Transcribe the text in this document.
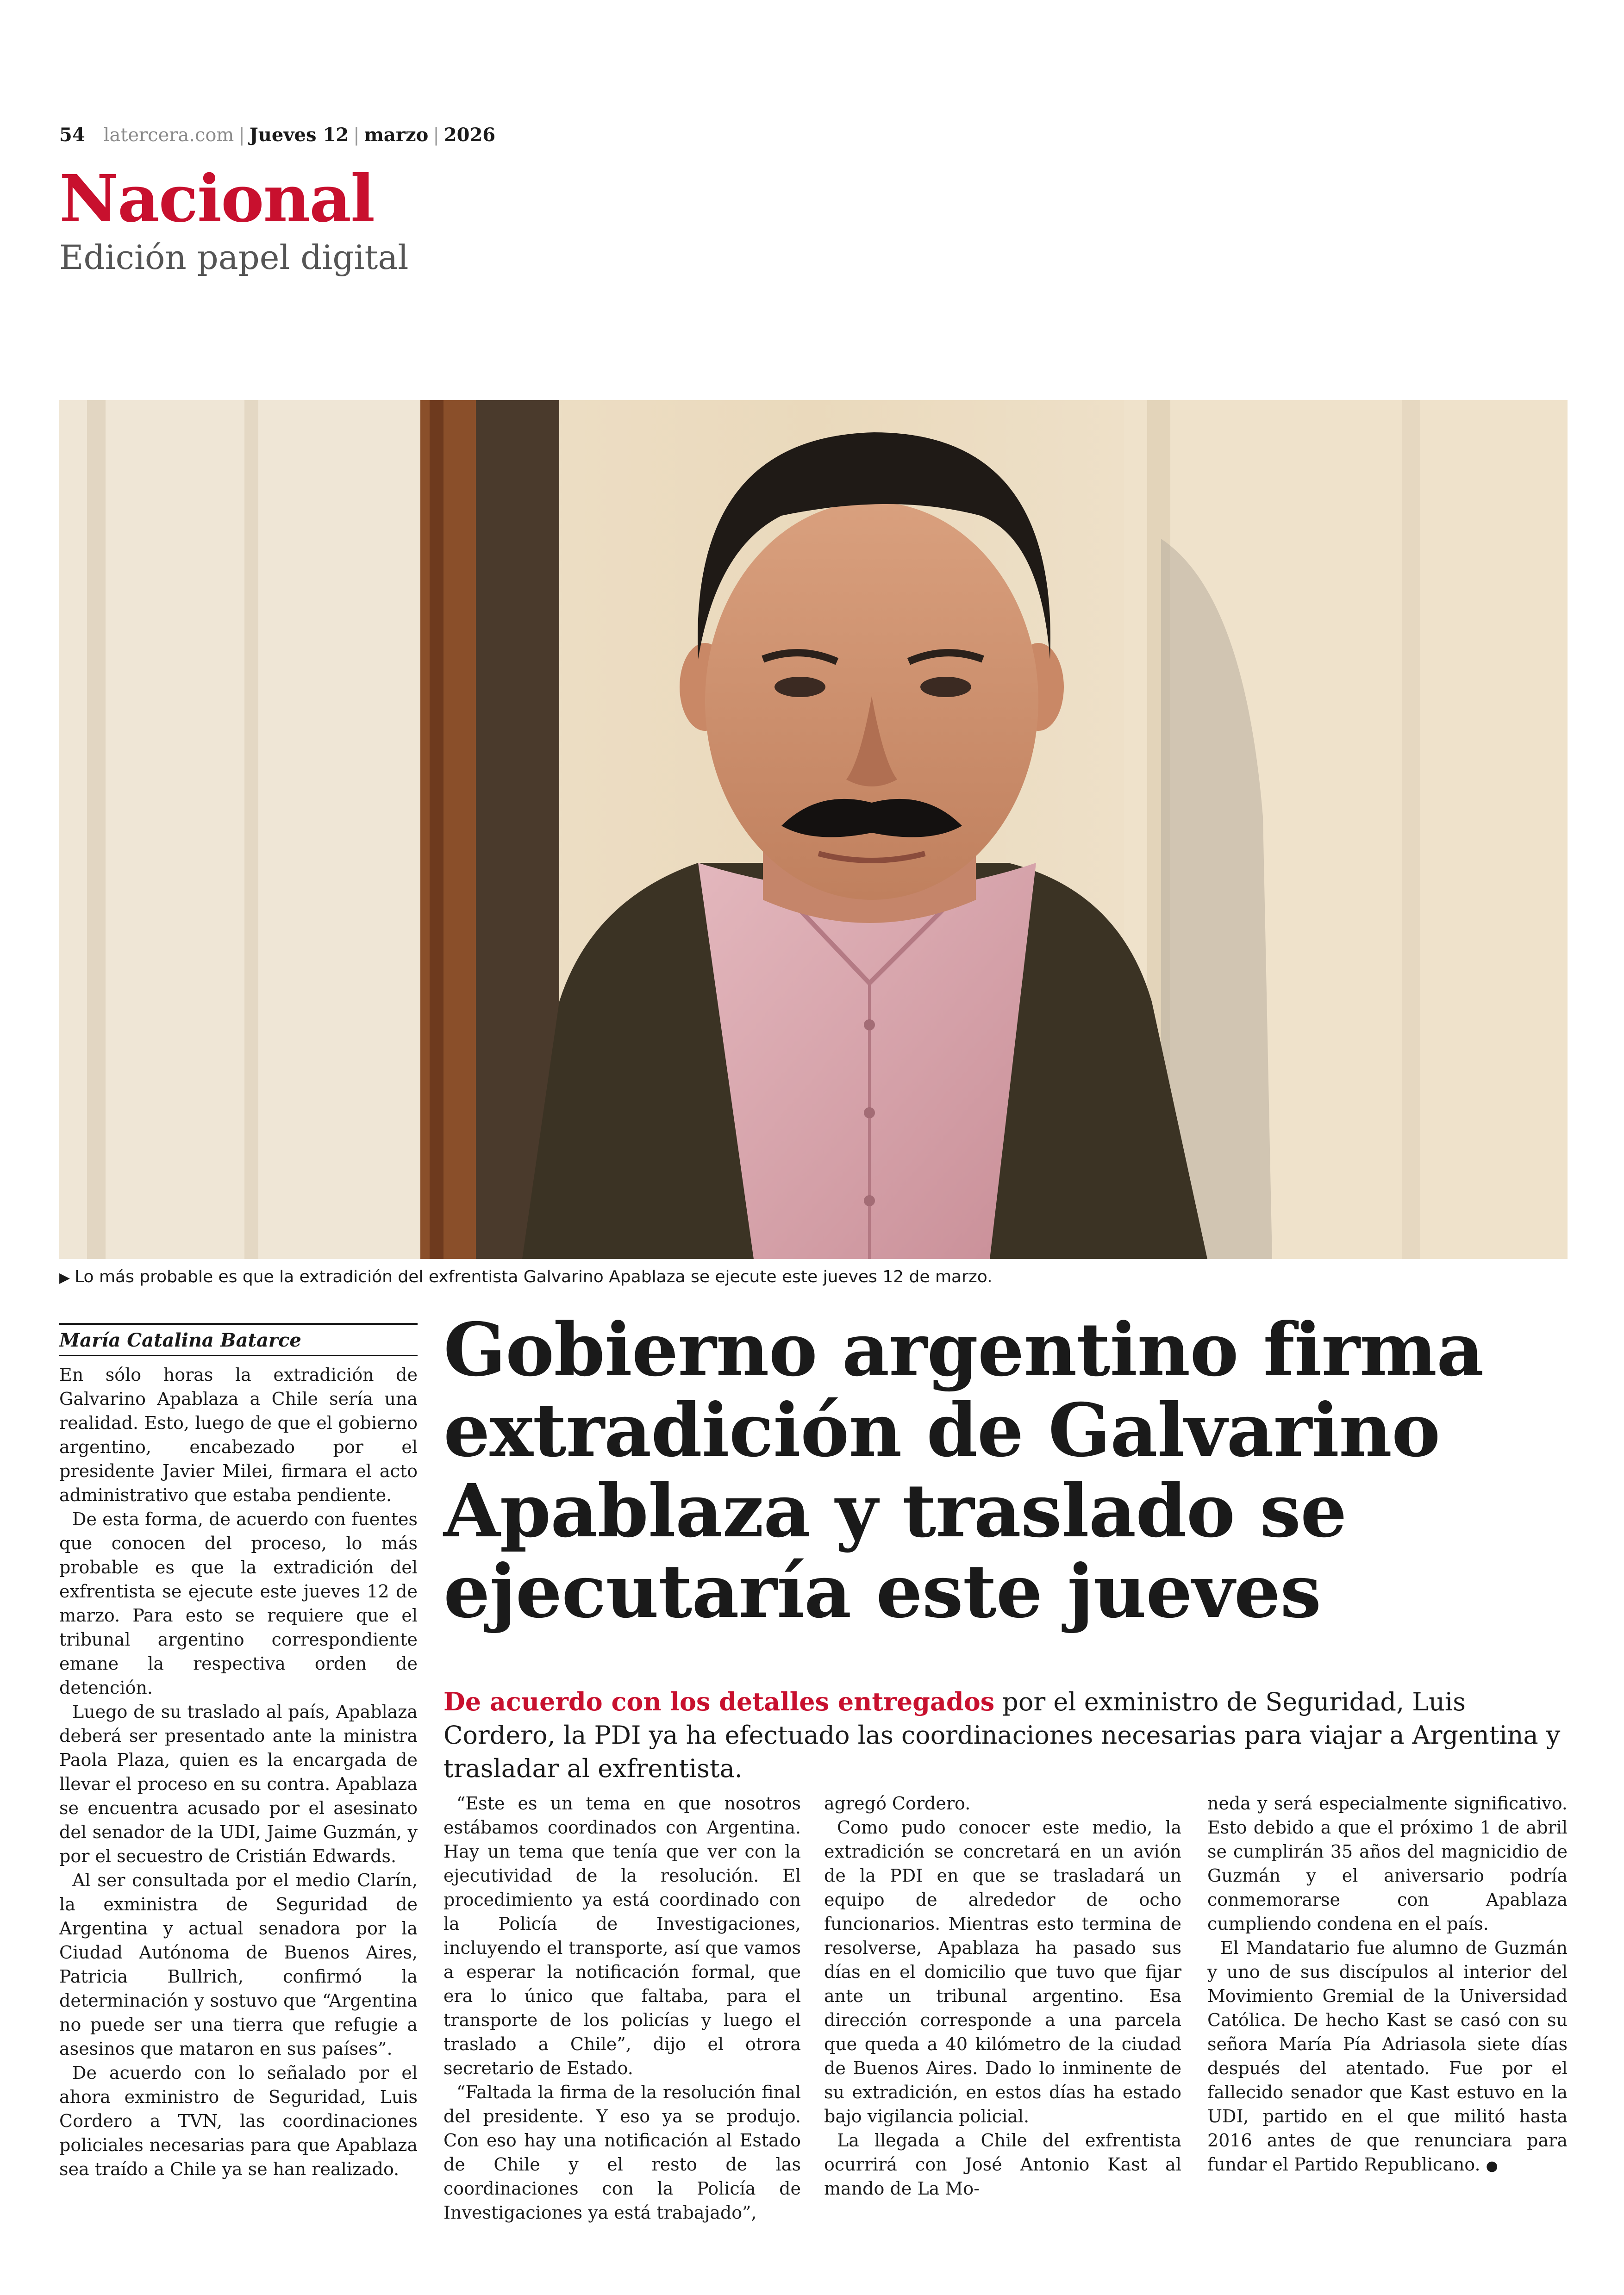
54 latercera.com | Jueves 12 | marzo | 2026
Nacional
Edición papel digital
▶ Lo más probable es que la extradición del exfrentista Galvarino Apablaza se ejecute este jueves 12 de marzo.
María Catalina Batarce

En sólo horas la extradición de Galvarino Apablaza a Chile sería una realidad. Esto, luego de que el gobierno argentino, encabezado por el presidente Javier Milei, firmara el acto administrativo que estaba pendiente.

De esta forma, de acuerdo con fuentes que conocen del proceso, lo más probable es que la extradición del exfrentista se ejecute este jueves 12 de marzo. Para esto se requiere que el tribunal argentino correspondiente emane la respectiva orden de detención.

Luego de su traslado al país, Apablaza deberá ser presentado ante la ministra Paola Plaza, quien es la encargada de llevar el proceso en su contra. Apablaza se encuentra acusado por el asesinato del senador de la UDI, Jaime Guzmán, y por el secuestro de Cristián Edwards.

Al ser consultada por el medio Clarín, la exministra de Seguridad de Argentina y actual senadora por la Ciudad Autónoma de Buenos Aires, Patricia Bullrich, confirmó la determinación y sostuvo que “Argentina no puede ser una tierra que refugie a asesinos que mataron en sus países”.

De acuerdo con lo señalado por el ahora exministro de Seguridad, Luis Cordero a TVN, las coordinaciones policiales necesarias para que Apablaza sea traído a Chile ya se han realizado.

Gobierno argentino firma extradición de Galvarino Apablaza y traslado se ejecutaría este jueves
De acuerdo con los detalles entregados por el exministro de Seguridad, Luis Cordero, la PDI ya ha efectuado las coordinaciones necesarias para viajar a Argentina y trasladar al exfrentista.

“Este es un tema en que nosotros estábamos coordinados con Argentina. Hay un tema que tenía que ver con la ejecutividad de la resolución. El procedimiento ya está coordinado con la Policía de Investigaciones, incluyendo el transporte, así que vamos a esperar la notificación formal, que era lo único que faltaba, para el transporte de los policías y luego el traslado a Chile”, dijo el otrora secretario de Estado.

“Faltada la firma de la resolución final del presidente. Y eso ya se produjo. Con eso hay una notificación al Estado de Chile y el resto de las coordinaciones con la Policía de Investigaciones ya está trabajado”,

agregó Cordero.

Como pudo conocer este medio, la extradición se concretará en un avión de la PDI en que se trasladará un equipo de alrededor de ocho funcionarios. Mientras esto termina de resolverse, Apablaza ha pasado sus días en el domicilio que tuvo que fijar ante un tribunal argentino. Esa dirección corresponde a una parcela que queda a 40 kilómetro de la ciudad de Buenos Aires. Dado lo inminente de su extradición, en estos días ha estado bajo vigilancia policial.

La llegada a Chile del exfrentista ocurrirá con José Antonio Kast al mando de La Mo-

neda y será especialmente significativo. Esto debido a que el próximo 1 de abril se cumplirán 35 años del magnicidio de Guzmán y el aniversario podría conmemorarse con Apablaza cumpliendo condena en el país.

El Mandatario fue alumno de Guzmán y uno de sus discípulos al interior del Movimiento Gremial de la Universidad Católica. De hecho Kast se casó con su señora María Pía Adriasola siete días después del atentado. Fue por el fallecido senador que Kast estuvo en la UDI, partido en el que militó hasta 2016 antes de que renunciara para fundar el Partido Republicano. ●
